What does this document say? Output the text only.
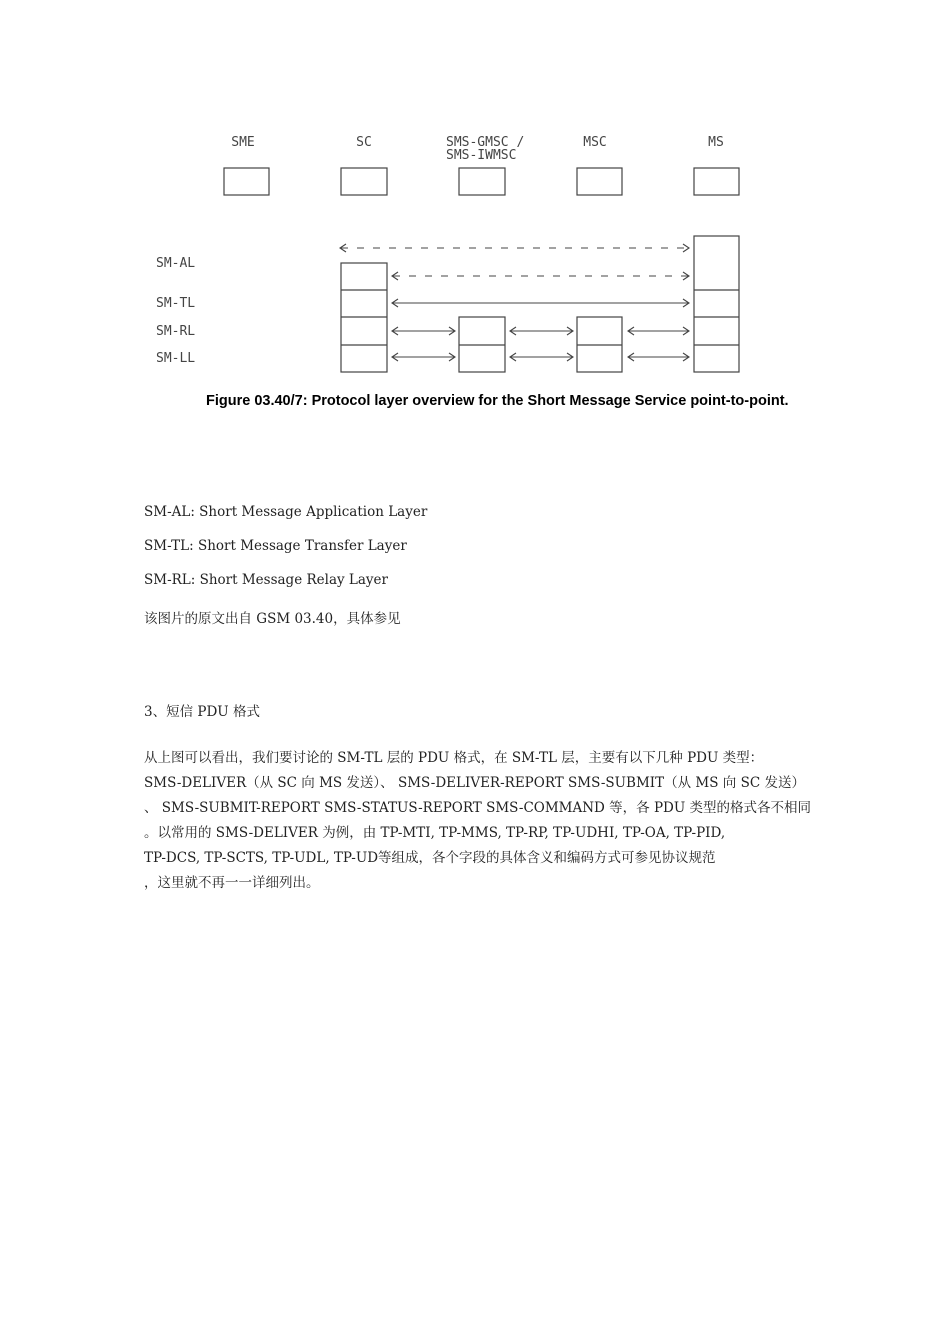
SME	SC	SMS-GMSC /
SMS-IWMSC
MSC	MS
SM-AL
SM-TL
SM-RL
SM-LL
Figure 03.40/7: Protocol layer overview for the Short Message Service point-to-point.
SM-AL: Short Message Application Layer
SM-TL: Short Message Transfer Layer
SM-RL: Short Message Relay Layer
该图片的原文出自 GSM 03.40，具体参见
3、短信 PDU 格式
从上图可以看出，我们要讨论的 SM-TL 层的 PDU 格式，在 SM-TL 层，主要有以下几种 PDU 类型：
SMS-DELIVER（从 SC 向 MS 发送）、 SMS-DELIVER-REPORT SMS-SUBMIT（从 MS 向 SC 发送）
、 SMS-SUBMIT-REPORT SMS-STATUS-REPORT SMS-COMMAND 等，各 PDU 类型的格式各不相同
。以常用的 SMS-DELIVER 为例，由 TP-MTI, TP-MMS, TP-RP, TP-UDHI, TP-OA, TP-PID,
TP-DCS, TP-SCTS, TP-UDL, TP-UD等组成，各个字段的具体含义和编码方式可参见协议规范
，这里就不再一一详细列出。
